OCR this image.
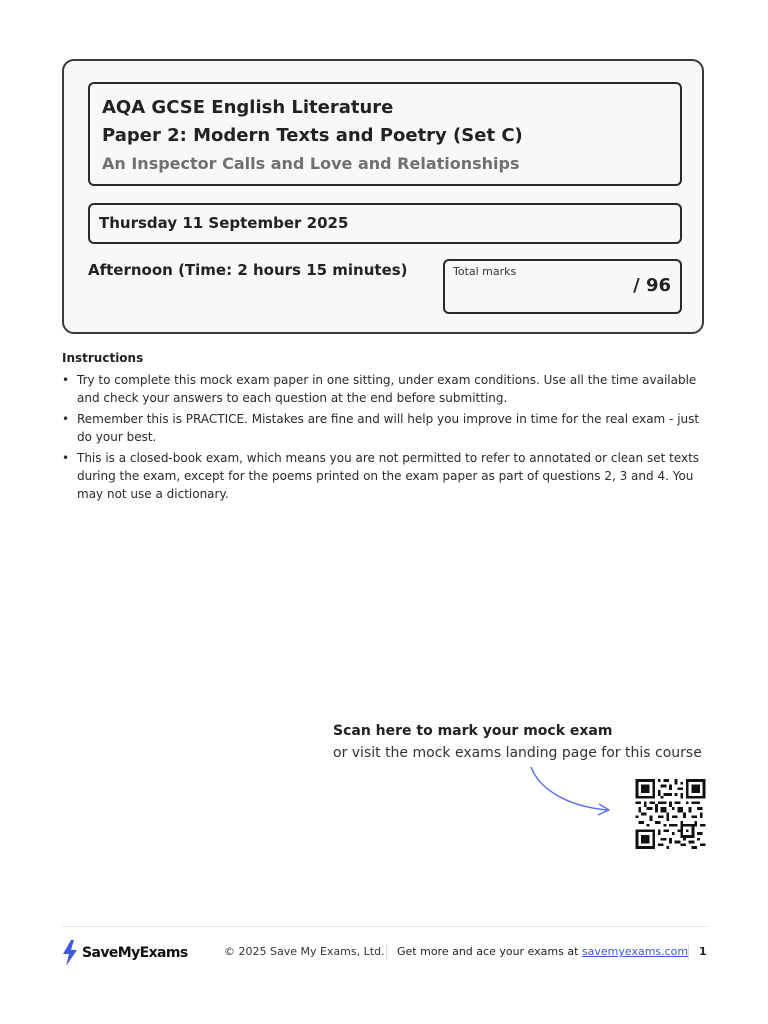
AQA GCSE English Literature
Paper 2: Modern Texts and Poetry (Set C)
An Inspector Calls and Love and Relationships
Thursday 11 September 2025
Afternoon (Time: 2 hours 15 minutes)	Total marks
/ 96
Instructions
• Try to complete this mock exam paper in one sitting, under exam conditions. Use all the time available and check your answers to each question at the end before submitting.
• Remember this is PRACTICE. Mistakes are fine and will help you improve in time for the real exam - just do your best.
• This is a closed-book exam, which means you are not permitted to refer to annotated or clean set texts during the exam, except for the poems printed on the exam paper as part of questions 2, 3 and 4. You may not use a dictionary.
Scan here to mark your mock exam
or visit the mock exams landing page for this course
SaveMyExams	© 2025 Save My Exams, Ltd. Get more and ace your exams at savemyexams.com 1
